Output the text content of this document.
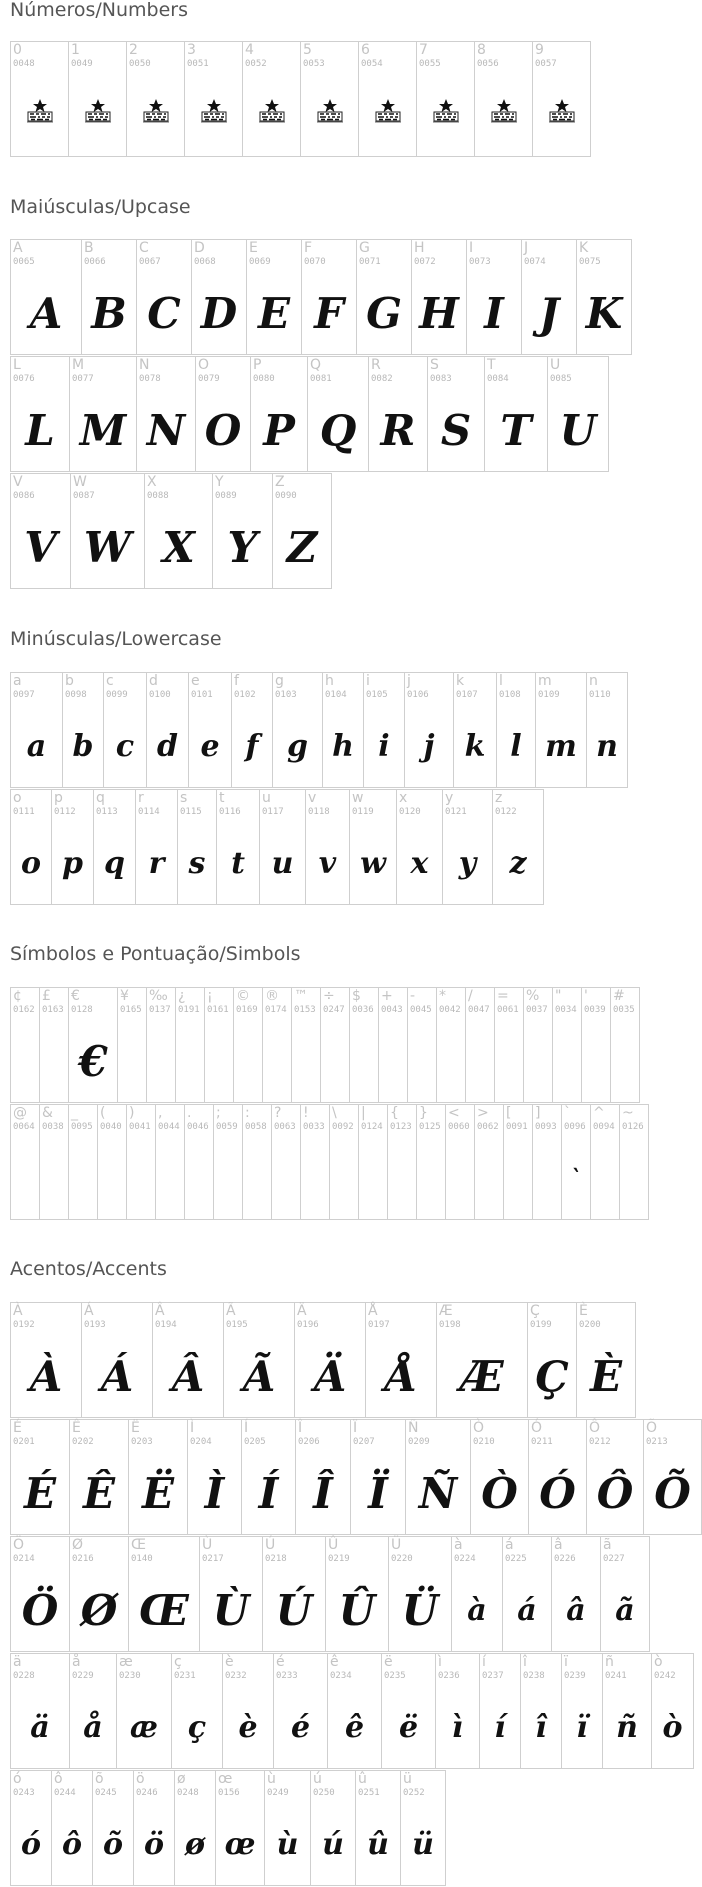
Números/Numbers
0
0048
1
0049
2
0050
3
0051
4
0052
5
0053
6
0054
7
0055
8
0056
9
0057
Maiúsculas/Upcase
A
0065
A
B
0066
B
C
0067
C
D
0068
D
E
0069
E
F
0070
F
G
0071
G
H
0072
H
I
0073
I
J
0074
J
K
0075
K
L
0076
L
M
0077
M
N
0078
N
O
0079
O
P
0080
P
Q
0081
Q
R
0082
R
S
0083
S
T
0084
T
U
0085
U
V
0086
V
W
0087
W
X
0088
X
Y
0089
Y
Z
0090
Z
Minúsculas/Lowercase
a
0097
a
b
0098
b
c
0099
c
d
0100
d
e
0101
e
f
0102
f
g
0103
g
h
0104
h
i
0105
i
j
0106
j
k
0107
k
l
0108
l
m
0109
m
n
0110
n
o
0111
o
p
0112
p
q
0113
q
r
0114
r
s
0115
s
t
0116
t
u
0117
u
v
0118
v
w
0119
w
x
0120
x
y
0121
y
z
0122
z
Símbolos e Pontuação/Simbols
¢
0162
£
0163
€
0128
€
¥
0165
‰
0137
¿
0191
¡
0161
©
0169
®
0174
™
0153
÷
0247
$
0036
+
0043
-
0045
*
0042
/
0047
=
0061
%
0037
"
0034
'
0039
#
0035
@
0064
&
0038
_
0095
(
0040
)
0041
,
0044
.
0046
;
0059
:
0058
?
0063
!
0033
\
0092
|
0124
{
0123
}
0125
<
0060
>
0062
[
0091
]
0093
`
0096
`
^
0094
~
0126
Acentos/Accents
À
0192
À
Á
0193
Á
Â
0194
Â
Ã
0195
Ã
Ä
0196
Ä
Å
0197
Å
Æ
0198
Æ
Ç
0199
Ç
È
0200
È
É
0201
É
Ê
0202
Ê
Ë
0203
Ë
Ì
0204
Ì
Í
0205
Í
Î
0206
Î
Ï
0207
Ï
Ñ
0209
Ñ
Ò
0210
Ò
Ó
0211
Ó
Ô
0212
Ô
Õ
0213
Õ
Ö
0214
Ö
Ø
0216
Ø
Œ
0140
Œ
Ù
0217
Ù
Ú
0218
Ú
Û
0219
Û
Ü
0220
Ü
à
0224
à
á
0225
á
â
0226
â
ã
0227
ã
ä
0228
ä
å
0229
å
æ
0230
æ
ç
0231
ç
è
0232
è
é
0233
é
ê
0234
ê
ë
0235
ë
ì
0236
ì
í
0237
í
î
0238
î
ï
0239
ï
ñ
0241
ñ
ò
0242
ò
ó
0243
ó
ô
0244
ô
õ
0245
õ
ö
0246
ö
ø
0248
ø
œ
0156
œ
ù
0249
ù
ú
0250
ú
û
0251
û
ü
0252
ü
